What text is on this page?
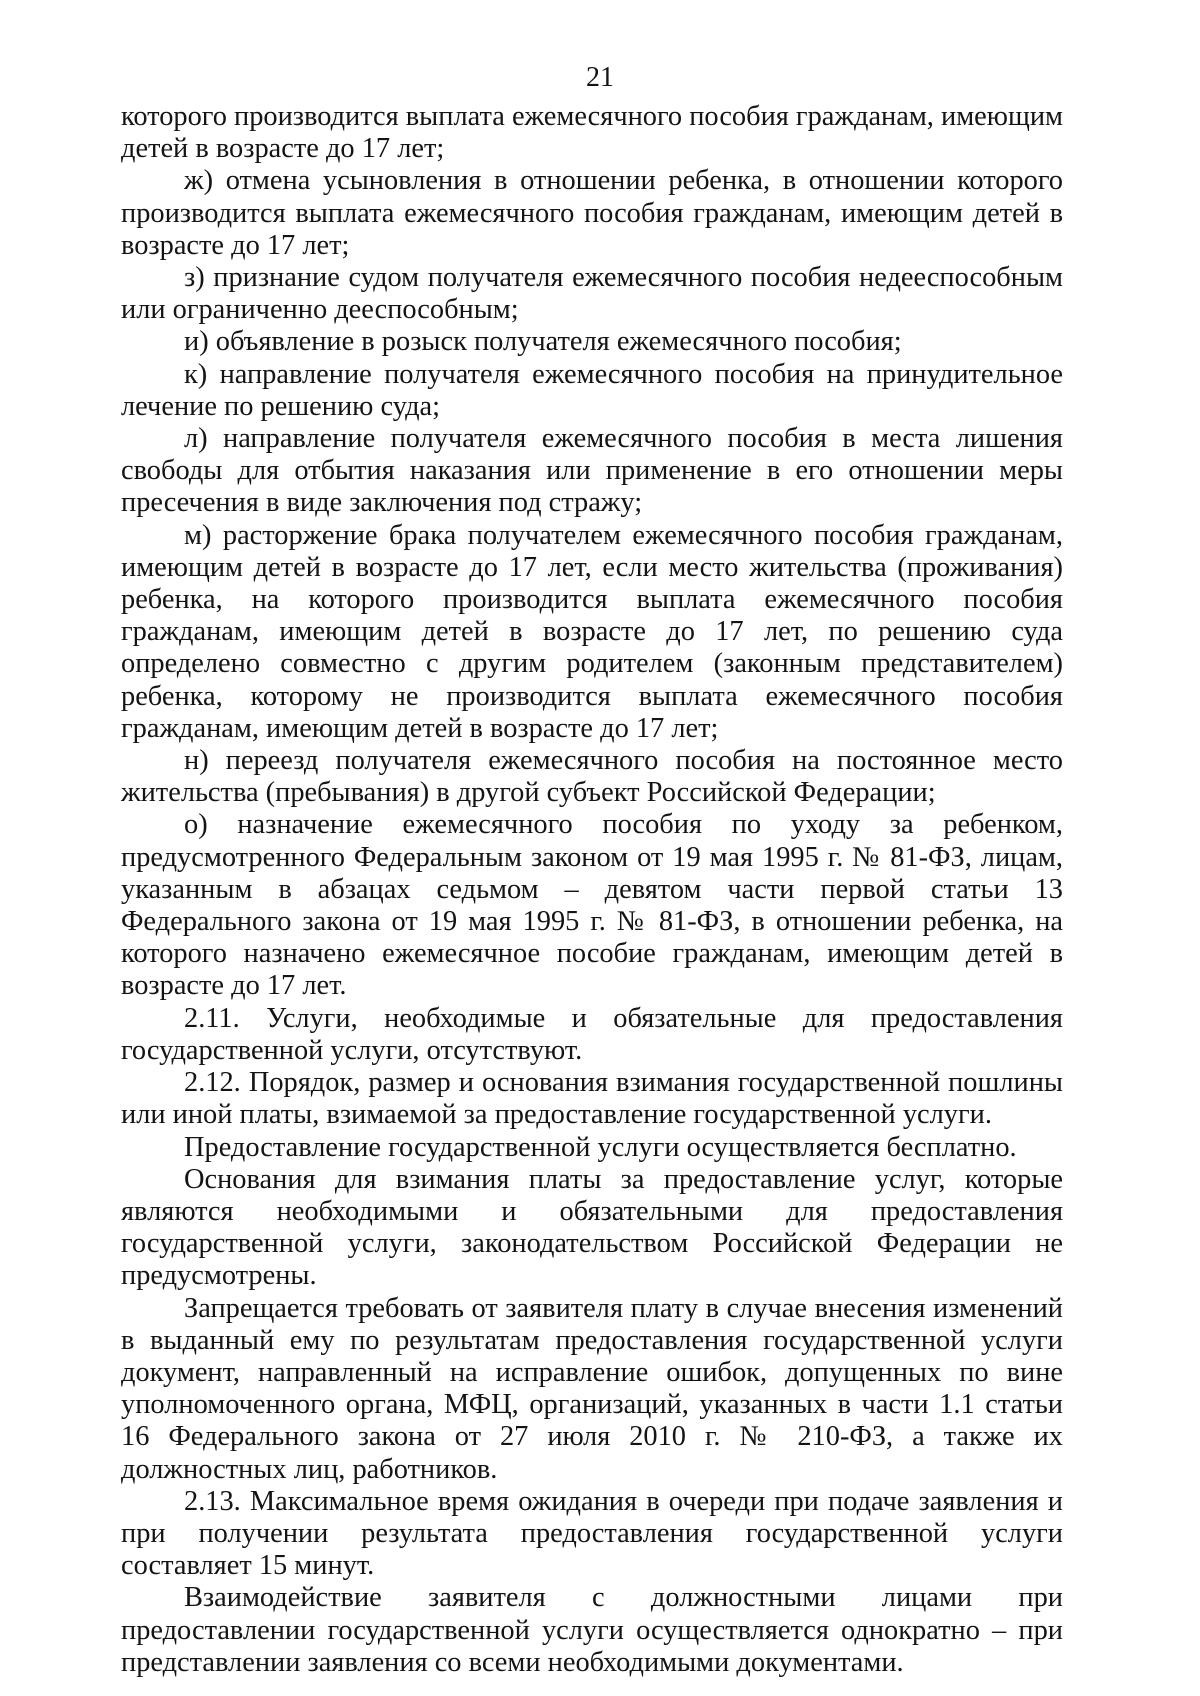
21

которого производится выплата ежемесячного пособия гражданам, имеющим детей в возрасте до 17 лет;

ж) отмена усыновления в отношении ребенка, в отношении которого производится выплата ежемесячного пособия гражданам, имеющим детей в возрасте до 17 лет;

з) признание судом получателя ежемесячного пособия недееспособным или ограниченно дееспособным;

и) объявление в розыск получателя ежемесячного пособия;

к) направление получателя ежемесячного пособия на принудительное лечение по решению суда;

л) направление получателя ежемесячного пособия в места лишения свободы для отбытия наказания или применение в его отношении меры пресечения в виде заключения под стражу;

м) расторжение брака получателем ежемесячного пособия гражданам, имеющим детей в возрасте до 17 лет, если место жительства (проживания) ребенка, на которого производится выплата ежемесячного пособия гражданам, имеющим детей в возрасте до 17 лет, по решению суда определено совместно с другим родителем (законным представителем) ребенка, которому не производится выплата ежемесячного пособия гражданам, имеющим детей в возрасте до 17 лет;

н) переезд получателя ежемесячного пособия на постоянное место жительства (пребывания) в другой субъект Российской Федерации;

о) назначение ежемесячного пособия по уходу за ребенком, предусмотренного Федеральным законом от 19 мая 1995 г. № 81-ФЗ, лицам, указанным в абзацах седьмом – девятом части первой статьи 13 Федерального закона от 19 мая 1995 г. № 81-ФЗ, в отношении ребенка, на которого назначено ежемесячное пособие гражданам, имеющим детей в возрасте до 17 лет.

2.11. Услуги, необходимые и обязательные для предоставления государственной услуги, отсутствуют.

2.12. Порядок, размер и основания взимания государственной пошлины или иной платы, взимаемой за предоставление государственной услуги.

Предоставление государственной услуги осуществляется бесплатно.

Основания для взимания платы за предоставление услуг, которые являются необходимыми и обязательными для предоставления государственной услуги, законодательством Российской Федерации не предусмотрены.

Запрещается требовать от заявителя плату в случае внесения изменений в выданный ему по результатам предоставления государственной услуги документ, направленный на исправление ошибок, допущенных по вине уполномоченного органа, МФЦ, организаций, указанных в части 1.1 статьи 16 Федерального закона от 27 июля 2010 г. № 210-ФЗ, а также их должностных лиц, работников.

2.13. Максимальное время ожидания в очереди при подаче заявления и при получении результата предоставления государственной услуги составляет 15 минут.

Взаимодействие заявителя с должностными лицами при предоставлении государственной услуги осуществляется однократно – при представлении заявления со всеми необходимыми документами.
